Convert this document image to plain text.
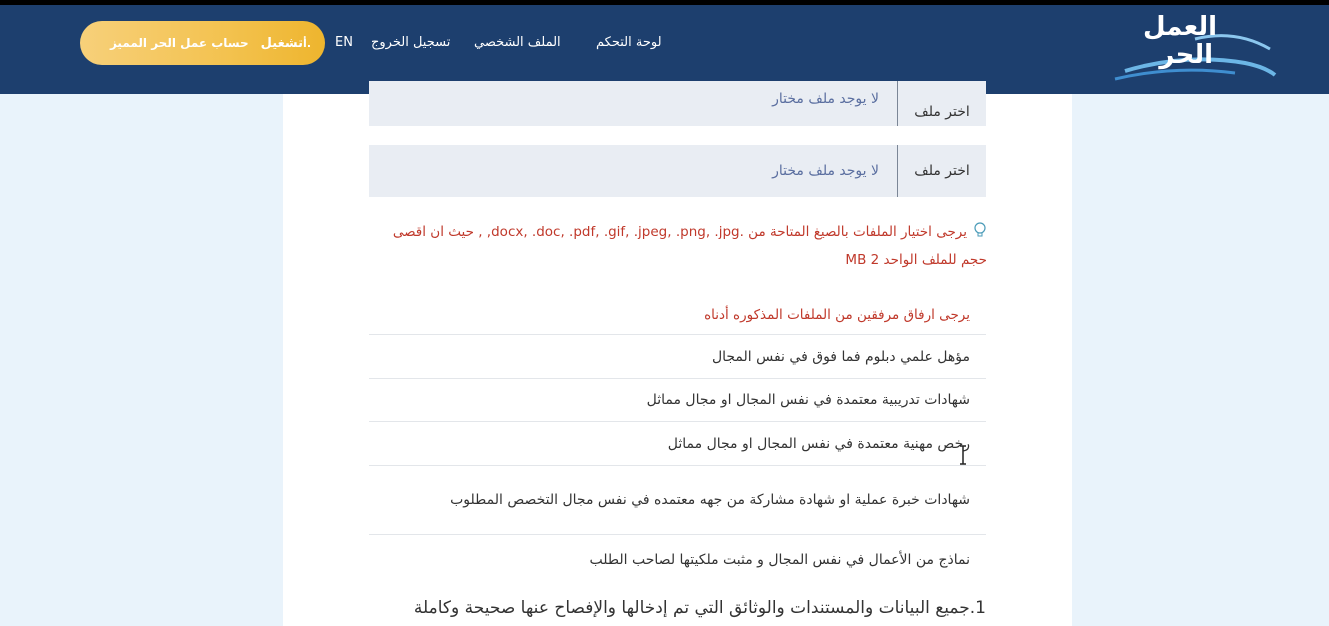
العمل
الحر
لوحة التحكم
الملف الشخصي
تسجيل الخروج
EN
حساب عمل الحر المميز تشغيل أ.
اختر ملف
لا يوجد ملف مختار
اختر ملف
لا يوجد ملف مختار
يرجى اختيار الملفات بالصيغ المتاحة من .docx, .doc, .pdf, .gif, .jpeg, .png, .jpg, , حيث ان اقصى حجم للملف الواحد MB 2
يرجى ارفاق مرفقين من الملفات المذكوره أدناه
مؤهل علمي دبلوم فما فوق في نفس المجال
شهادات تدريبية معتمدة في نفس المجال او مجال مماثل
رخص مهنية معتمدة في نفس المجال او مجال مماثل
شهادات خبرة عملية او شهادة مشاركة من جهه معتمده في نفس مجال التخصص المطلوب
نماذج من الأعمال في نفس المجال و مثبت ملكيتها لصاحب الطلب
1.جميع البيانات والمستندات والوثائق التي تم إدخالها والإفصاح عنها صحيحة وكاملة
